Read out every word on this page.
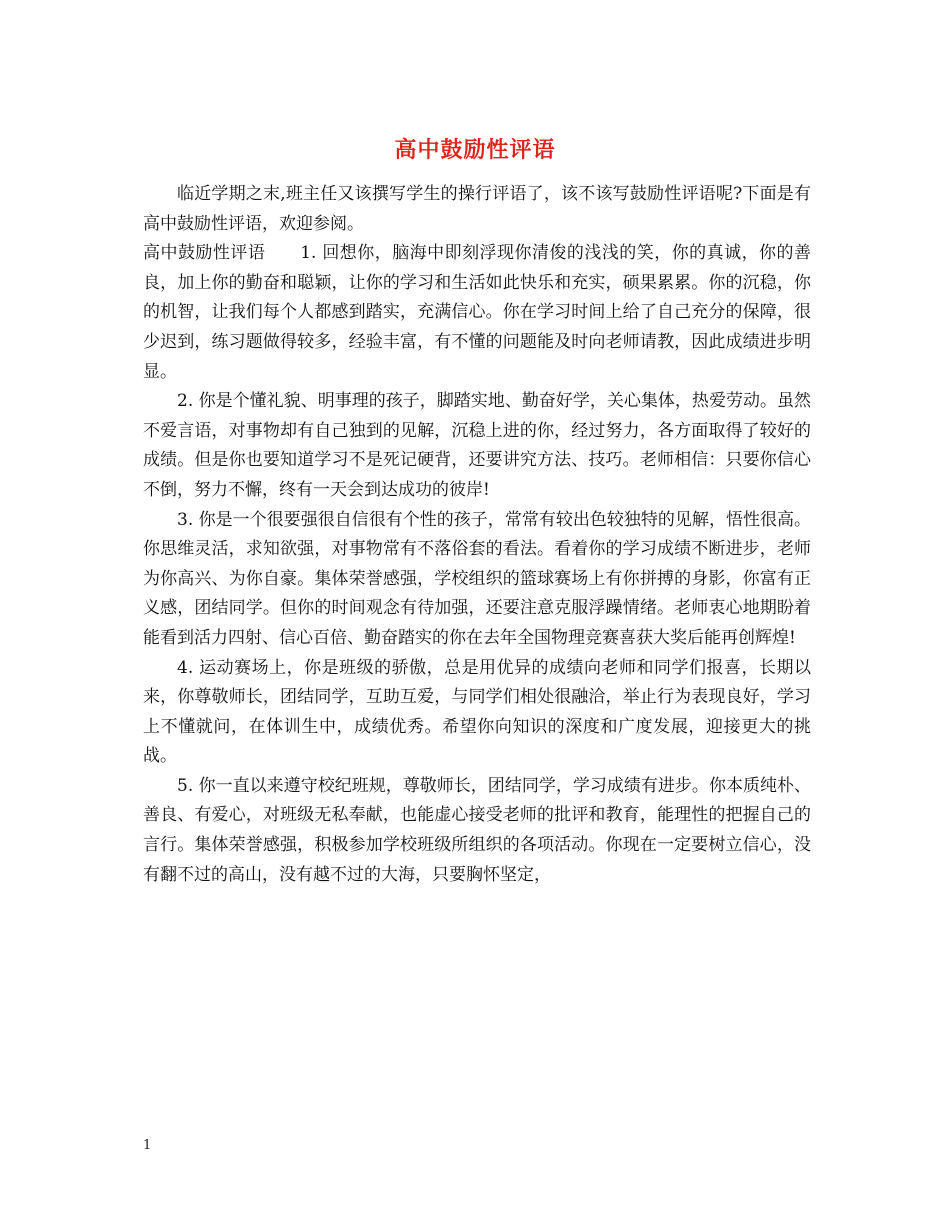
高中鼓励性评语

临近学期之末,班主任又该撰写学生的操行评语了，该不该写鼓励性评语呢?下面是有高中鼓励性评语，欢迎参阅。

高中鼓励性评语　　1. 回想你，脑海中即刻浮现你清俊的浅浅的笑，你的真诚，你的善良，加上你的勤奋和聪颖，让你的学习和生活如此快乐和充实，硕果累累。你的沉稳，你的机智，让我们每个人都感到踏实，充满信心。你在学习时间上给了自己充分的保障，很少迟到，练习题做得较多，经验丰富，有不懂的问题能及时向老师请教，因此成绩进步明显。

2. 你是个懂礼貌、明事理的孩子，脚踏实地、勤奋好学，关心集体，热爱劳动。虽然不爱言语，对事物却有自己独到的见解，沉稳上进的你，经过努力，各方面取得了较好的成绩。但是你也要知道学习不是死记硬背，还要讲究方法、技巧。老师相信：只要你信心不倒，努力不懈，终有一天会到达成功的彼岸!

3. 你是一个很要强很自信很有个性的孩子，常常有较出色较独特的见解，悟性很高。你思维灵活，求知欲强，对事物常有不落俗套的看法。看着你的学习成绩不断进步，老师为你高兴、为你自豪。集体荣誉感强，学校组织的篮球赛场上有你拼搏的身影，你富有正义感，团结同学。但你的时间观念有待加强，还要注意克服浮躁情绪。老师衷心地期盼着能看到活力四射、信心百倍、勤奋踏实的你在去年全国物理竞赛喜获大奖后能再创辉煌!

4. 运动赛场上，你是班级的骄傲，总是用优异的成绩向老师和同学们报喜，长期以来，你尊敬师长，团结同学，互助互爱，与同学们相处很融洽，举止行为表现良好，学习上不懂就问，在体训生中，成绩优秀。希望你向知识的深度和广度发展，迎接更大的挑战。

5. 你一直以来遵守校纪班规，尊敬师长，团结同学，学习成绩有进步。你本质纯朴、善良、有爱心，对班级无私奉献，也能虚心接受老师的批评和教育，能理性的把握自己的言行。集体荣誉感强，积极参加学校班级所组织的各项活动。你现在一定要树立信心，没有翻不过的高山，没有越不过的大海，只要胸怀坚定，

1
